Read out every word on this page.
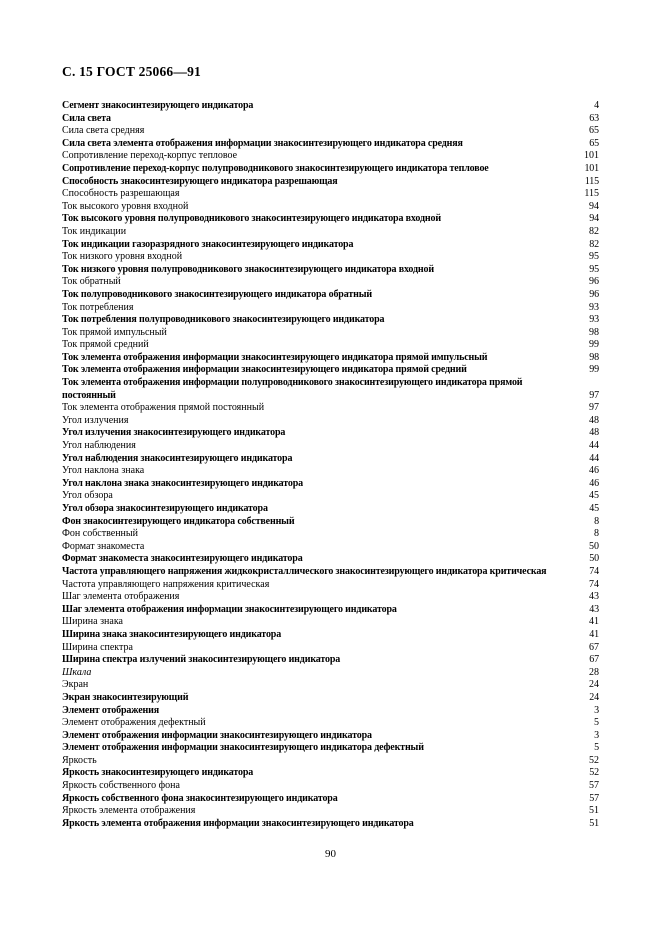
С. 15 ГОСТ 25066—91
Сегмент знакосинтезирующего индикатора	4
Сила света	63
Сила света средняя	65
Сила света элемента отображения информации знакосинтезирующего индикатора средняя	65
Сопротивление переход-корпус тепловое	101
Сопротивление переход-корпус полупроводникового знакосинтезирующего индикатора тепловое	101
Способность знакосинтезирующего индикатора разрешающая	115
Способность разрешающая	115
Ток высокого уровня входной	94
Ток высокого уровня полупроводникового знакосинтезирующего индикатора входной	94
Ток индикации	82
Ток индикации газоразрядного знакосинтезирующего индикатора	82
Ток низкого уровня входной	95
Ток низкого уровня полупроводникового знакосинтезирующего индикатора входной	95
Ток обратный	96
Ток полупроводникового знакосинтезирующего индикатора обратный	96
Ток потребления	93
Ток потребления полупроводникового знакосинтезирующего индикатора	93
Ток прямой импульсный	98
Ток прямой средний	99
Ток элемента отображения информации знакосинтезирующего индикатора прямой импульсный	98
Ток элемента отображения информации знакосинтезирующего индикатора прямой средний	99
Ток элемента отображения информации полупроводникового знакосинтезирующего индикатора прямой постоянный	97
Ток элемента отображения прямой постоянный	97
Угол излучения	48
Угол излучения знакосинтезирующего индикатора	48
Угол наблюдения	44
Угол наблюдения знакосинтезирующего индикатора	44
Угол наклона знака	46
Угол наклона знака знакосинтезирующего индикатора	46
Угол обзора	45
Угол обзора знакосинтезирующего индикатора	45
Фон знакосинтезирующего индикатора собственный	8
Фон собственный	8
Формат знакоместа	50
Формат знакоместа знакосинтезирующего индикатора	50
Частота управляющего напряжения жидкокристаллического знакосинтезирующего индикатора критическая	74
Частота управляющего напряжения критическая	74
Шаг элемента отображения	43
Шаг элемента отображения информации знакосинтезирующего индикатора	43
Ширина знака	41
Ширина знака знакосинтезирующего индикатора	41
Ширина спектра	67
Ширина спектра излучений знакосинтезирующего индикатора	67
Шкала	28
Экран	24
Экран знакосинтезирующий	24
Элемент отображения	3
Элемент отображения дефектный	5
Элемент отображения информации знакосинтезирующего индикатора	3
Элемент отображения информации знакосинтезирующего индикатора дефектный	5
Яркость	52
Яркость знакосинтезирующего индикатора	52
Яркость собственного фона	57
Яркость собственного фона знакосинтезирующего индикатора	57
Яркость элемента отображения	51
Яркость элемента отображения информации знакосинтезирующего индикатора	51
90
